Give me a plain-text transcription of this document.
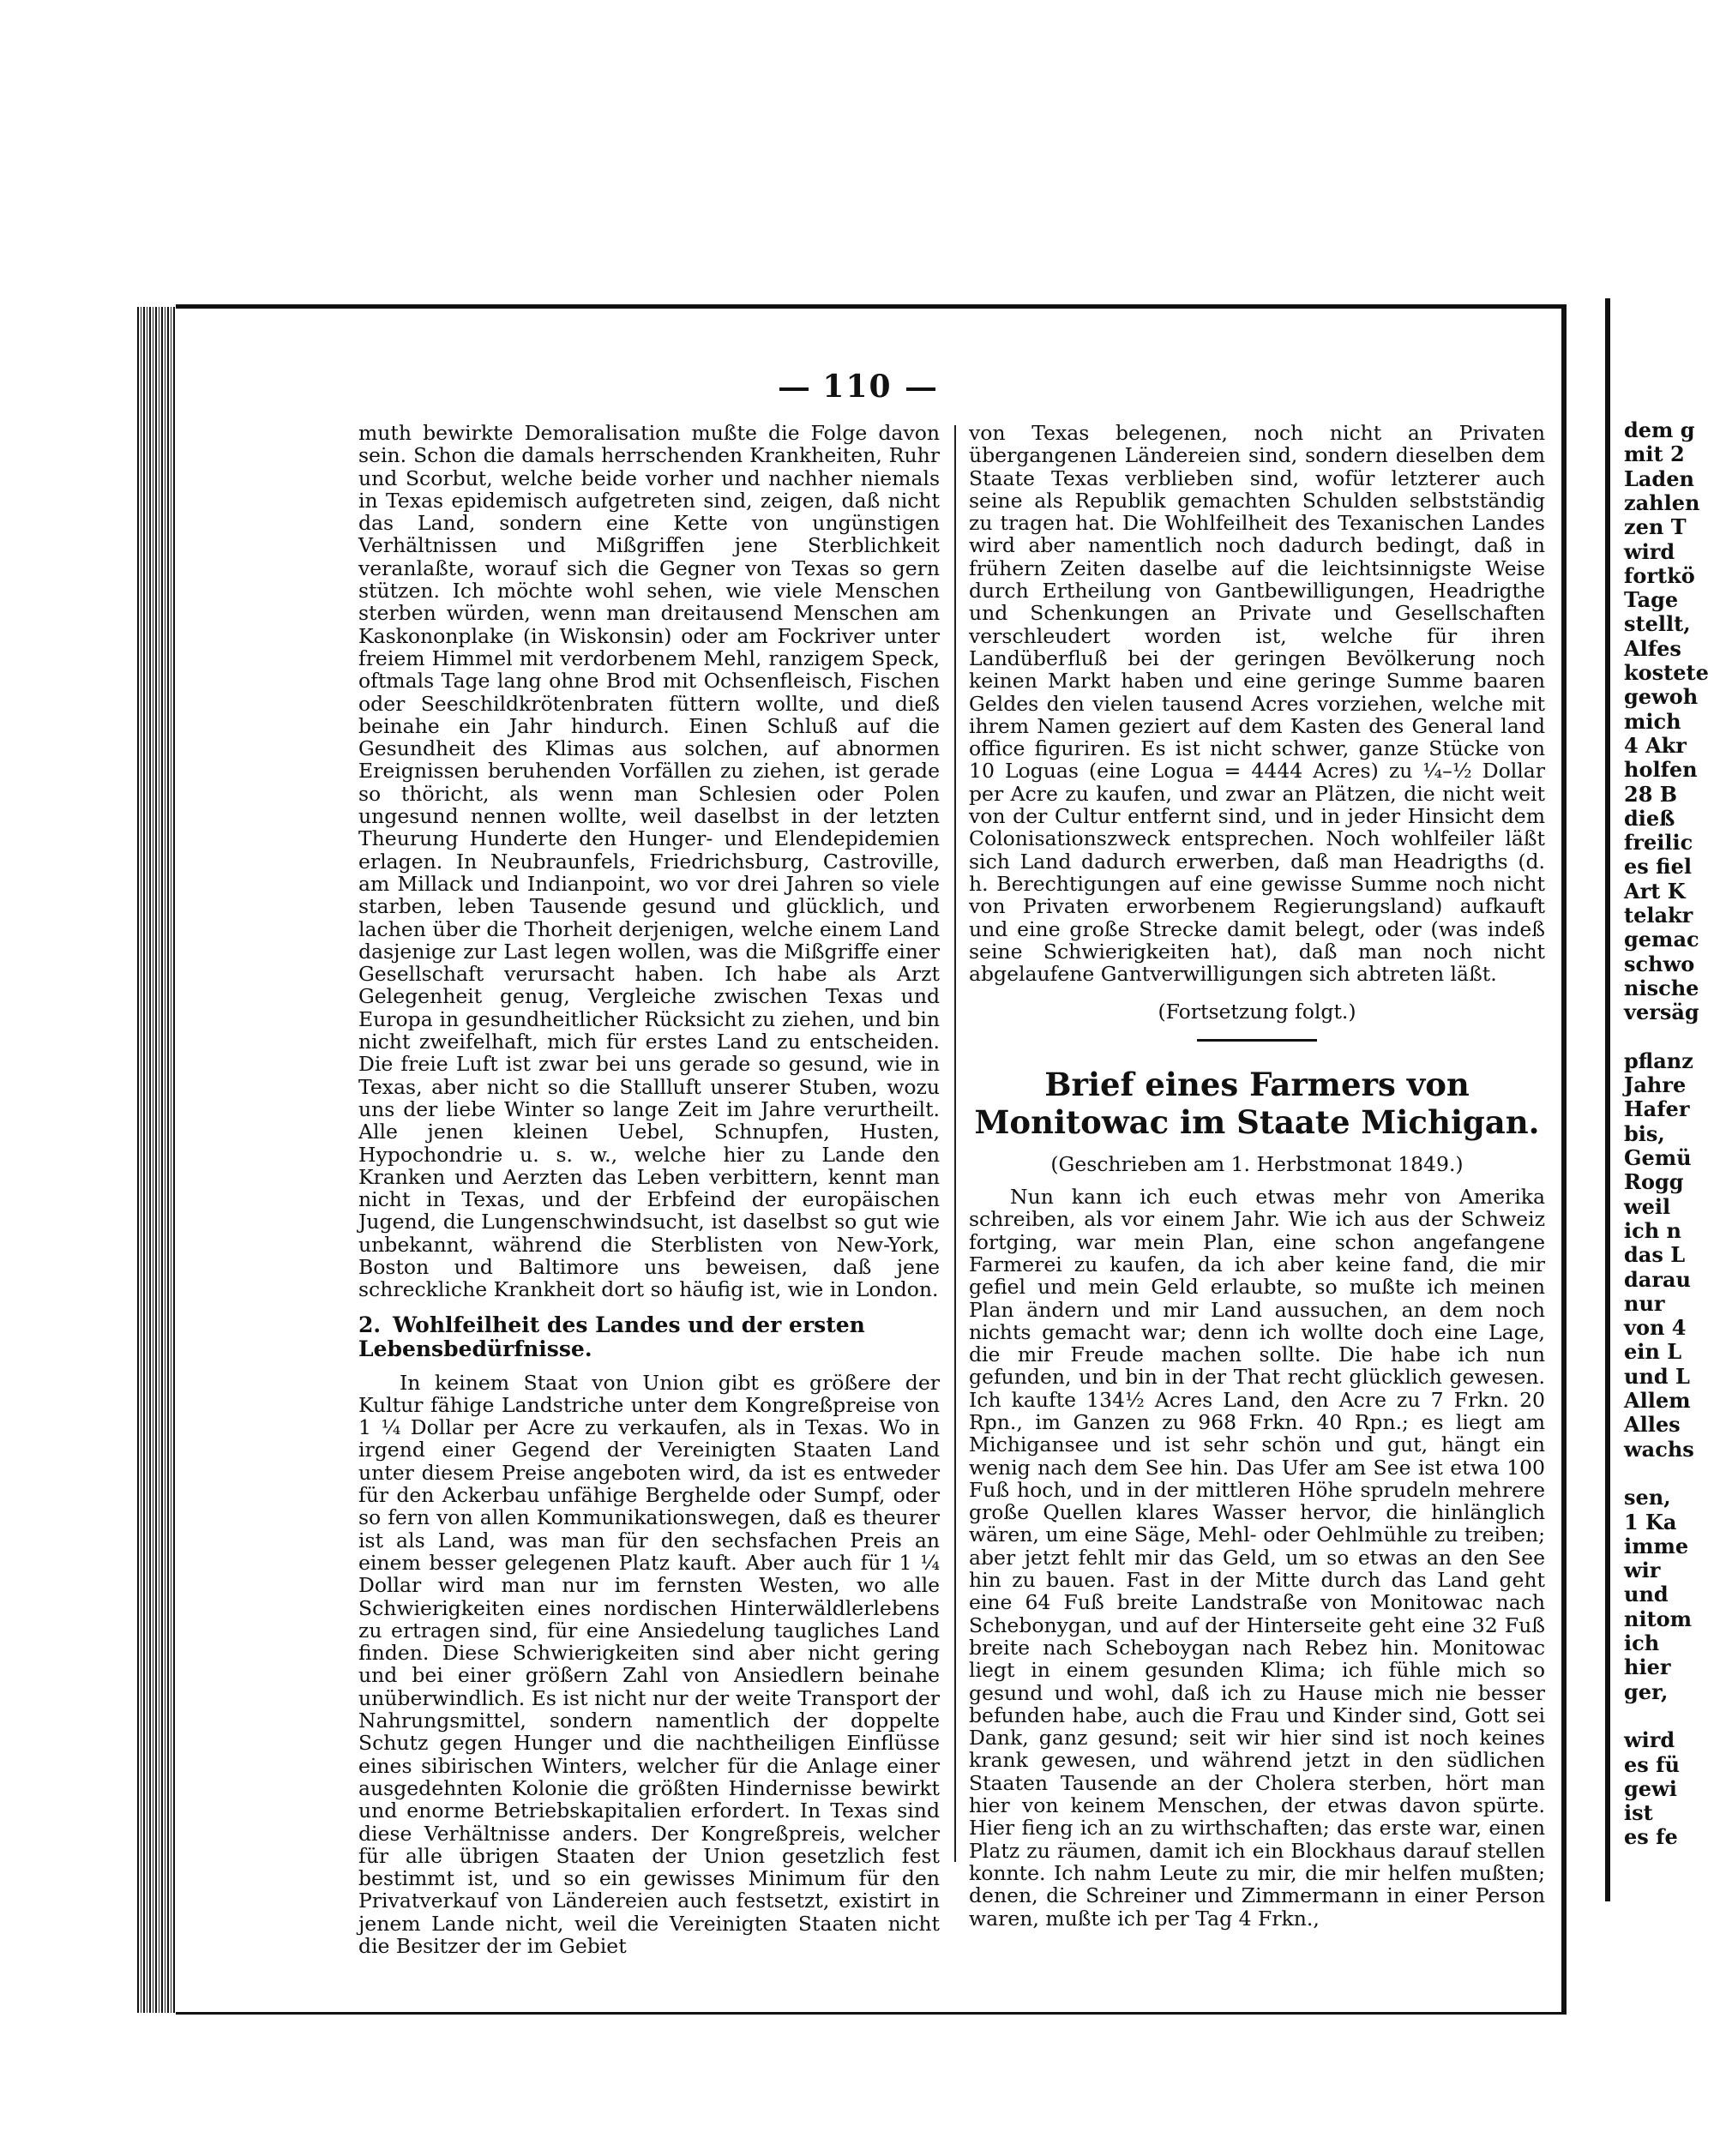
dem g
mit 2
Laden
zahlen
zen T
wird
fortkö
Tage
stellt,
Alfes
kostete
gewoh
mich
4 Akr
holfen
28 B
dieß
freilic
es fiel
Art K
telakr
gemac
schwo
nische
versäg
pflanz
Jahre
Hafer
bis,
Gemü
Rogg
weil
ich n
das L
darau
nur
von 4
ein L
und L
Allem
Alles
wachs
sen,
1 Ka
imme
wir
und
nitom
ich
hier
ger,
wird
es fü
gewi
ist
es fe
110

muth bewirkte Demoralisation mußte die Folge davon sein. Schon die damals herrschenden Krankheiten, Ruhr und Scorbut, welche beide vorher und nachher niemals in Texas epidemisch aufgetreten sind, zeigen, daß nicht das Land, sondern eine Kette von ungünstigen Verhältnissen und Mißgriffen jene Sterblichkeit veranlaßte, worauf sich die Gegner von Texas so gern stützen. Ich möchte wohl sehen, wie viele Menschen sterben würden, wenn man dreitausend Menschen am Kaskononplake (in Wiskonsin) oder am Fockriver unter freiem Himmel mit verdorbenem Mehl, ranzigem Speck, oftmals Tage lang ohne Brod mit Ochsenfleisch, Fischen oder Seeschildkrötenbraten füttern wollte, und dieß beinahe ein Jahr hindurch. Einen Schluß auf die Gesundheit des Klimas aus solchen, auf abnormen Ereignissen beruhenden Vorfällen zu ziehen, ist gerade so thöricht, als wenn man Schlesien oder Polen ungesund nennen wollte, weil daselbst in der letzten Theurung Hunderte den Hunger- und Elendepidemien erlagen. In Neubraunfels, Friedrichsburg, Castroville, am Millack und Indianpoint, wo vor drei Jahren so viele starben, leben Tausende gesund und glücklich, und lachen über die Thorheit derjenigen, welche einem Land dasjenige zur Last legen wollen, was die Mißgriffe einer Gesellschaft verursacht haben. Ich habe als Arzt Gelegenheit genug, Vergleiche zwischen Texas und Europa in gesundheitlicher Rücksicht zu ziehen, und bin nicht zweifelhaft, mich für erstes Land zu entscheiden. Die freie Luft ist zwar bei uns gerade so gesund, wie in Texas, aber nicht so die Stallluft unserer Stuben, wozu uns der liebe Winter so lange Zeit im Jahre verurtheilt. Alle jenen kleinen Uebel, Schnupfen, Husten, Hypochondrie u. s. w., welche hier zu Lande den Kranken und Aerzten das Leben verbittern, kennt man nicht in Texas, und der Erbfeind der europäischen Jugend, die Lungenschwindsucht, ist daselbst so gut wie unbekannt, während die Sterblisten von New-York, Boston und Baltimore uns beweisen, daß jene schreckliche Krankheit dort so häufig ist, wie in London.

2. Wohlfeilheit des Landes und der ersten Lebensbedürfnisse.

In keinem Staat von Union gibt es größere der Kultur fähige Landstriche unter dem Kongreßpreise von 1 ¼ Dollar per Acre zu verkaufen, als in Texas. Wo in irgend einer Gegend der Vereinigten Staaten Land unter diesem Preise angeboten wird, da ist es entweder für den Ackerbau unfähige Berghelde oder Sumpf, oder so fern von allen Kommunikationswegen, daß es theurer ist als Land, was man für den sechsfachen Preis an einem besser gelegenen Platz kauft. Aber auch für 1 ¼ Dollar wird man nur im fernsten Westen, wo alle Schwierigkeiten eines nordischen Hinterwäldlerlebens zu ertragen sind, für eine Ansiedelung taugliches Land finden. Diese Schwierigkeiten sind aber nicht gering und bei einer größern Zahl von Ansiedlern beinahe unüberwindlich. Es ist nicht nur der weite Transport der Nahrungsmittel, sondern namentlich der doppelte Schutz gegen Hunger und die nachtheiligen Einflüsse eines sibirischen Winters, welcher für die Anlage einer ausgedehnten Kolonie die größten Hindernisse bewirkt und enorme Betriebskapitalien erfordert. In Texas sind diese Verhältnisse anders. Der Kongreßpreis, welcher für alle übrigen Staaten der Union gesetzlich fest bestimmt ist, und so ein gewisses Minimum für den Privatverkauf von Ländereien auch festsetzt, existirt in jenem Lande nicht, weil die Vereinigten Staaten nicht die Besitzer der im Gebiet

von Texas belegenen, noch nicht an Privaten übergangenen Ländereien sind, sondern dieselben dem Staate Texas verblieben sind, wofür letzterer auch seine als Republik gemachten Schulden selbstständig zu tragen hat. Die Wohlfeilheit des Texanischen Landes wird aber namentlich noch dadurch bedingt, daß in frühern Zeiten daselbe auf die leichtsinnigste Weise durch Ertheilung von Gantbewilligungen, Headrigthe und Schenkungen an Private und Gesellschaften verschleudert worden ist, welche für ihren Landüberfluß bei der geringen Bevölkerung noch keinen Markt haben und eine geringe Summe baaren Geldes den vielen tausend Acres vorziehen, welche mit ihrem Namen geziert auf dem Kasten des General land office figuriren. Es ist nicht schwer, ganze Stücke von 10 Loguas (eine Logua = 4444 Acres) zu ¼–½ Dollar per Acre zu kaufen, und zwar an Plätzen, die nicht weit von der Cultur entfernt sind, und in jeder Hinsicht dem Colonisationszweck entsprechen. Noch wohlfeiler läßt sich Land dadurch erwerben, daß man Headrigths (d. h. Berechtigungen auf eine gewisse Summe noch nicht von Privaten erworbenem Regierungsland) aufkauft und eine große Strecke damit belegt, oder (was indeß seine Schwierigkeiten hat), daß man noch nicht abgelaufene Gantverwilligungen sich abtreten läßt.

(Fortsetzung folgt.)
Brief eines Farmers von Monitowac im Staate Michigan.
(Geschrieben am 1. Herbstmonat 1849.)

Nun kann ich euch etwas mehr von Amerika schreiben, als vor einem Jahr. Wie ich aus der Schweiz fortging, war mein Plan, eine schon angefangene Farmerei zu kaufen, da ich aber keine fand, die mir gefiel und mein Geld erlaubte, so mußte ich meinen Plan ändern und mir Land aussuchen, an dem noch nichts gemacht war; denn ich wollte doch eine Lage, die mir Freude machen sollte. Die habe ich nun gefunden, und bin in der That recht glücklich gewesen. Ich kaufte 134½ Acres Land, den Acre zu 7 Frkn. 20 Rpn., im Ganzen zu 968 Frkn. 40 Rpn.; es liegt am Michigansee und ist sehr schön und gut, hängt ein wenig nach dem See hin. Das Ufer am See ist etwa 100 Fuß hoch, und in der mittleren Höhe sprudeln mehrere große Quellen klares Wasser hervor, die hinlänglich wären, um eine Säge, Mehl- oder Oehlmühle zu treiben; aber jetzt fehlt mir das Geld, um so etwas an den See hin zu bauen. Fast in der Mitte durch das Land geht eine 64 Fuß breite Landstraße von Monitowac nach Schebonygan, und auf der Hinterseite geht eine 32 Fuß breite nach Scheboygan nach Rebez hin. Monitowac liegt in einem gesunden Klima; ich fühle mich so gesund und wohl, daß ich zu Hause mich nie besser befunden habe, auch die Frau und Kinder sind, Gott sei Dank, ganz gesund; seit wir hier sind ist noch keines krank gewesen, und während jetzt in den südlichen Staaten Tausende an der Cholera sterben, hört man hier von keinem Menschen, der etwas davon spürte. Hier fieng ich an zu wirthschaften; das erste war, einen Platz zu räumen, damit ich ein Blockhaus darauf stellen konnte. Ich nahm Leute zu mir, die mir helfen mußten; denen, die Schreiner und Zimmermann in einer Person waren, mußte ich per Tag 4 Frkn.,
